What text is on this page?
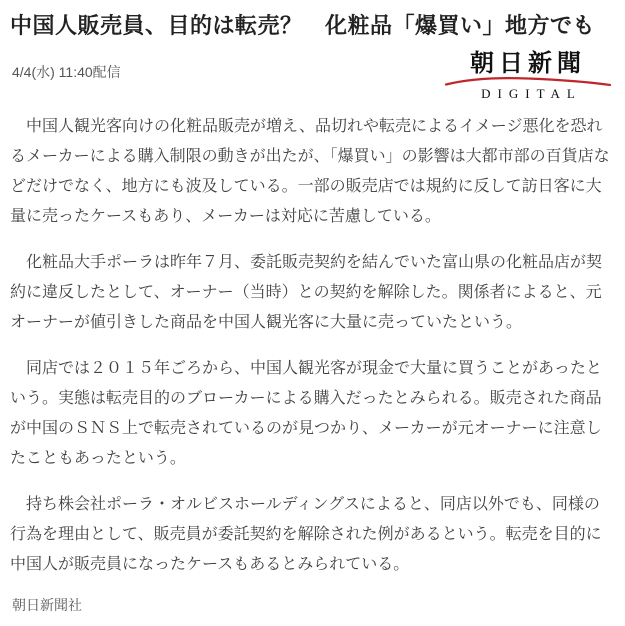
中国人販売員、目的は転売？　化粧品「爆買い」地方でも
4/4(水) 11:40配信	朝日新聞
DIGITAL

　中国人観光客向けの化粧品販売が増え、品切れや転売によるイメージ悪化を恐れるメーカーによる購入制限の動きが出たが、「爆買い」の影響は大都市部の百貨店などだけでなく、地方にも波及している。一部の販売店では規約に反して訪日客に大量に売ったケースもあり、メーカーは対応に苦慮している。

　化粧品大手ポーラは昨年７月、委託販売契約を結んでいた富山県の化粧品店が契約に違反したとして、オーナー（当時）との契約を解除した。関係者によると、元オーナーが値引きした商品を中国人観光客に大量に売っていたという。

　同店では２０１５年ごろから、中国人観光客が現金で大量に買うことがあったという。実態は転売目的のブローカーによる購入だったとみられる。販売された商品が中国のＳＮＳ上で転売されているのが見つかり、メーカーが元オーナーに注意したこともあったという。

　持ち株会社ポーラ・オルビスホールディングスによると、同店以外でも、同様の行為を理由として、販売員が委託契約を解除された例があるという。転売を目的に中国人が販売員になったケースもあるとみられている。

朝日新聞社
